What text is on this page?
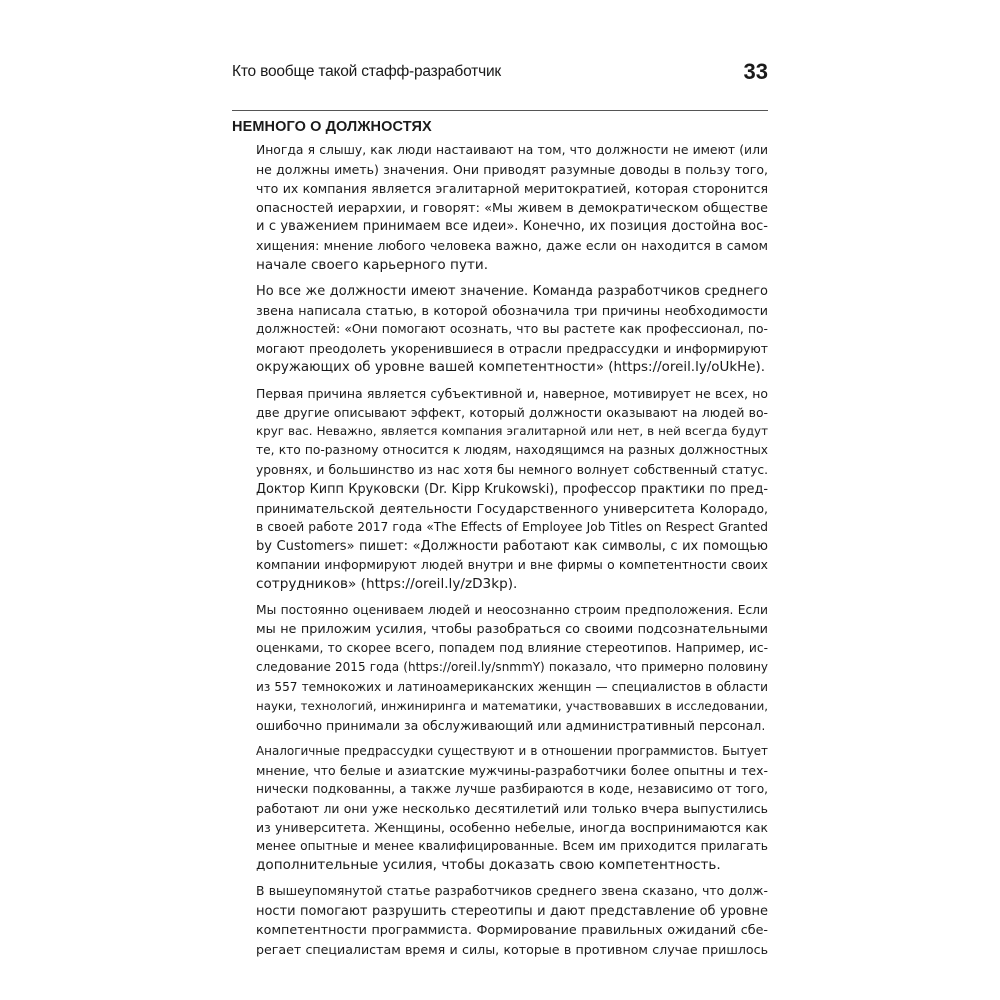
Кто вообще такой стафф-разработчик	33
НЕМНОГО О ДОЛЖНОСТЯХ
Иногда я слышу, как люди настаивают на том, что должности не имеют (или
не должны иметь) значения. Они приводят разумные доводы в пользу того,
что их компания является эгалитарной меритократией, которая сторонится
опасностей иерархии, и говорят: «Мы живем в демократическом обществе
и с уважением принимаем все идеи». Конечно, их позиция достойна вос-
хищения: мнение любого человека важно, даже если он находится в самом
начале своего карьерного пути.
Но все же должности имеют значение. Команда разработчиков среднего
звена написала статью, в которой обозначила три причины необходимости
должностей: «Они помогают осознать, что вы растете как профессионал, по-
могают преодолеть укоренившиеся в отрасли предрассудки и информируют
окружающих об уровне вашей компетентности» (https://oreil.ly/oUkHe).
Первая причина является субъективной и, наверное, мотивирует не всех, но
две другие описывают эффект, который должности оказывают на людей во-
круг вас. Неважно, является компания эгалитарной или нет, в ней всегда будут
те, кто по-разному относится к людям, находящимся на разных должностных
уровнях, и большинство из нас хотя бы немного волнует собственный статус.
Доктор Кипп Круковски (Dr. Kipp Krukowski), профессор практики по пред-
принимательской деятельности Государственного университета Колорадо,
в своей работе 2017 года «The Effects of Employee Job Titles on Respect Granted
by Customers» пишет: «Должности работают как символы, с их помощью
компании информируют людей внутри и вне фирмы о компетентности своих
сотрудников» (https://oreil.ly/zD3kp).
Мы постоянно оцениваем людей и неосознанно строим предположения. Если
мы не приложим усилия, чтобы разобраться со своими подсознательными
оценками, то скорее всего, попадем под влияние стереотипов. Например, ис-
следование 2015 года (https://oreil.ly/snmmY) показало, что примерно половину
из 557 темнокожих и латиноамериканских женщин — специалистов в области
науки, технологий, инжиниринга и математики, участвовавших в исследовании,
ошибочно принимали за обслуживающий или административный персонал.
Аналогичные предрассудки существуют и в отношении программистов. Бытует
мнение, что белые и азиатские мужчины-разработчики более опытны и тех-
нически подкованны, а также лучше разбираются в коде, независимо от того,
работают ли они уже несколько десятилетий или только вчера выпустились
из университета. Женщины, особенно небелые, иногда воспринимаются как
менее опытные и менее квалифицированные. Всем им приходится прилагать
дополнительные усилия, чтобы доказать свою компетентность.
В вышеупомянутой статье разработчиков среднего звена сказано, что долж-
ности помогают разрушить стереотипы и дают представление об уровне
компетентности программиста. Формирование правильных ожиданий сбе-
регает специалистам время и силы, которые в противном случае пришлось
